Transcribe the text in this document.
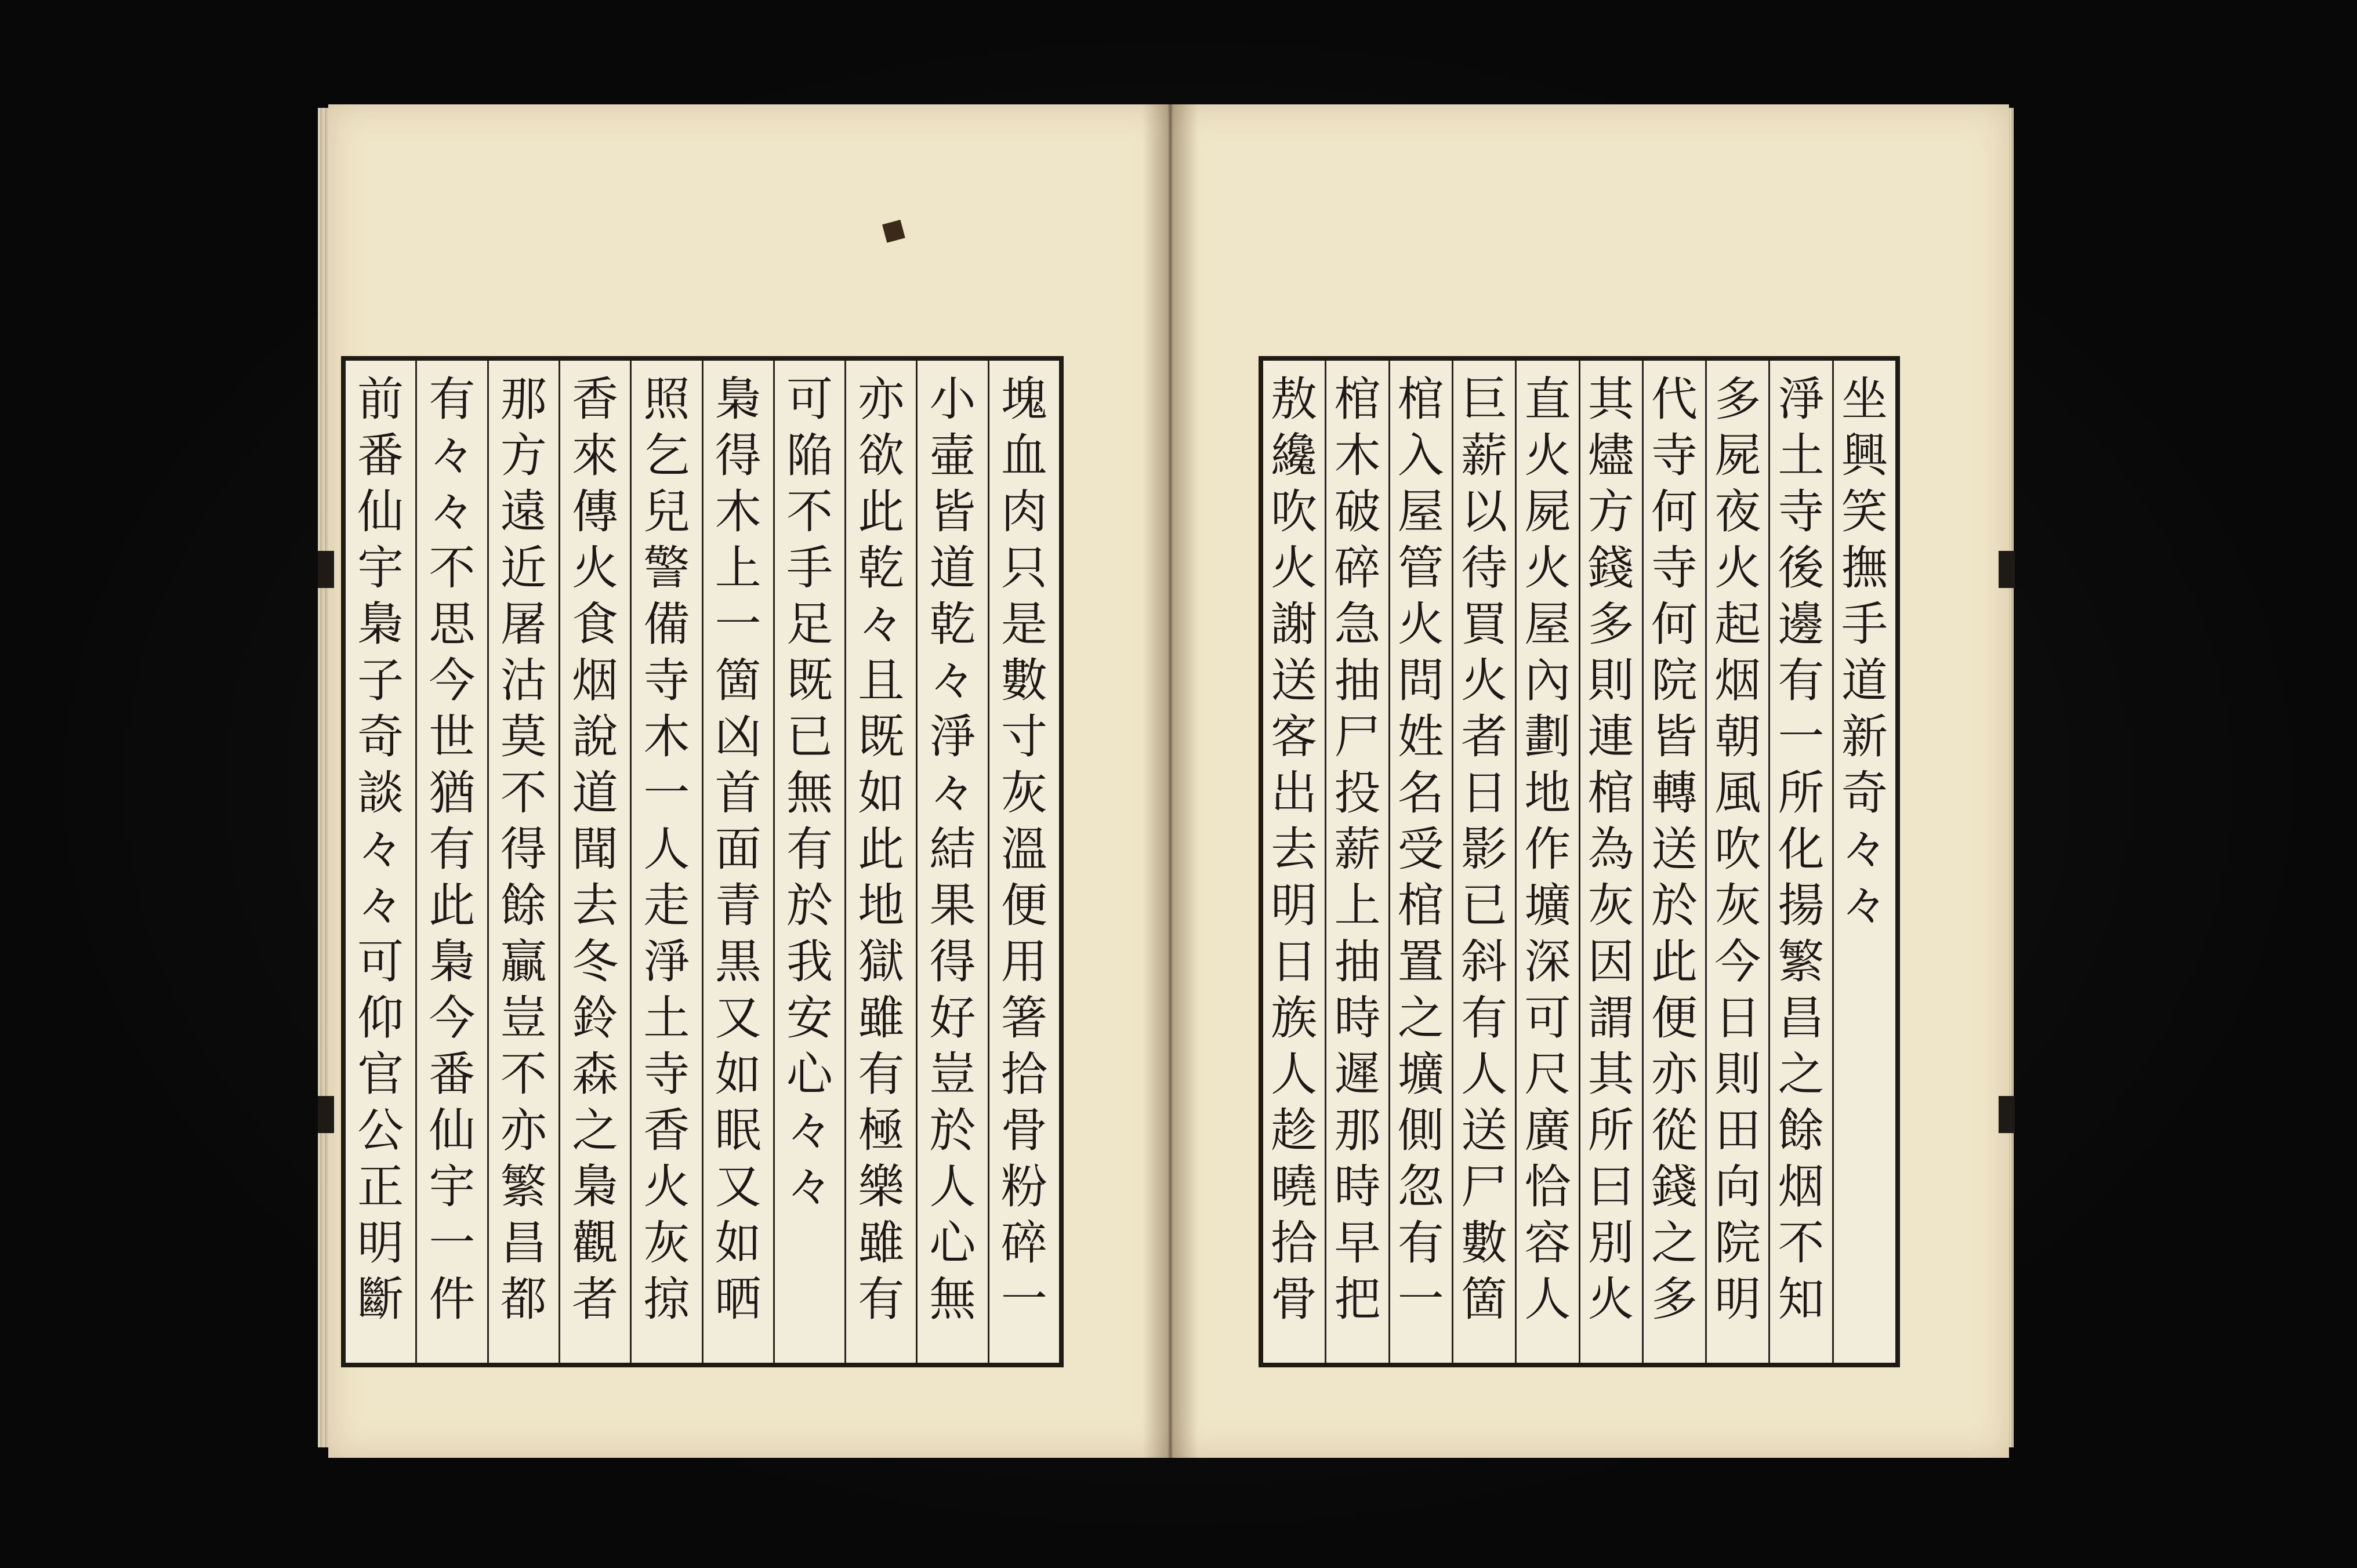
◆
坐
興
笑
撫
手
道
新
奇
々
々
淨
土
寺
後
邊
有
一
所
化
揚
繁
昌
之
餘
烟
不
知
多
屍
夜
火
起
烟
朝
風
吹
灰
今
日
則
田
向
院
明
代
寺
何
寺
何
院
皆
轉
送
於
此
便
亦
從
錢
之
多
其
燼
方
錢
多
則
連
棺
為
灰
因
謂
其
所
曰
別
火
直
火
屍
火
屋
內
劃
地
作
壙
深
可
尺
廣
恰
容
人
巨
薪
以
待
買
火
者
日
影
已
斜
有
人
送
尸
數
箇
棺
入
屋
管
火
問
姓
名
受
棺
置
之
壙
側
忽
有
一
棺
木
破
碎
急
抽
尸
投
薪
上
抽
時
遲
那
時
早
把
敖
纔
吹
火
謝
送
客
出
去
明
日
族
人
趁
曉
拾
骨
塊
血
肉
只
是
數
寸
灰
溫
便
用
箸
拾
骨
粉
碎
一
小
壷
皆
道
乾
々
淨
々
結
果
得
好
豈
於
人
心
無
亦
欲
此
乾
々
且
既
如
此
地
獄
雖
有
極
樂
雖
有
可
陥
不
手
足
既
已
無
有
於
我
安
心
々
々
梟
得
木
上
一
箇
凶
首
面
青
黒
又
如
眠
又
如
晒
照
乞
兒
警
備
寺
木
一
人
走
淨
土
寺
香
火
灰
掠
香
來
傳
火
食
烟
說
道
聞
去
冬
鈴
森
之
梟
觀
者
那
方
遠
近
屠
沽
莫
不
得
餘
贏
豈
不
亦
繁
昌
都
有
々
々
不
思
今
世
猶
有
此
梟
今
番
仙
宇
一
件
前
番
仙
宇
梟
子
奇
談
々
々
可
仰
官
公
正
明
斷
